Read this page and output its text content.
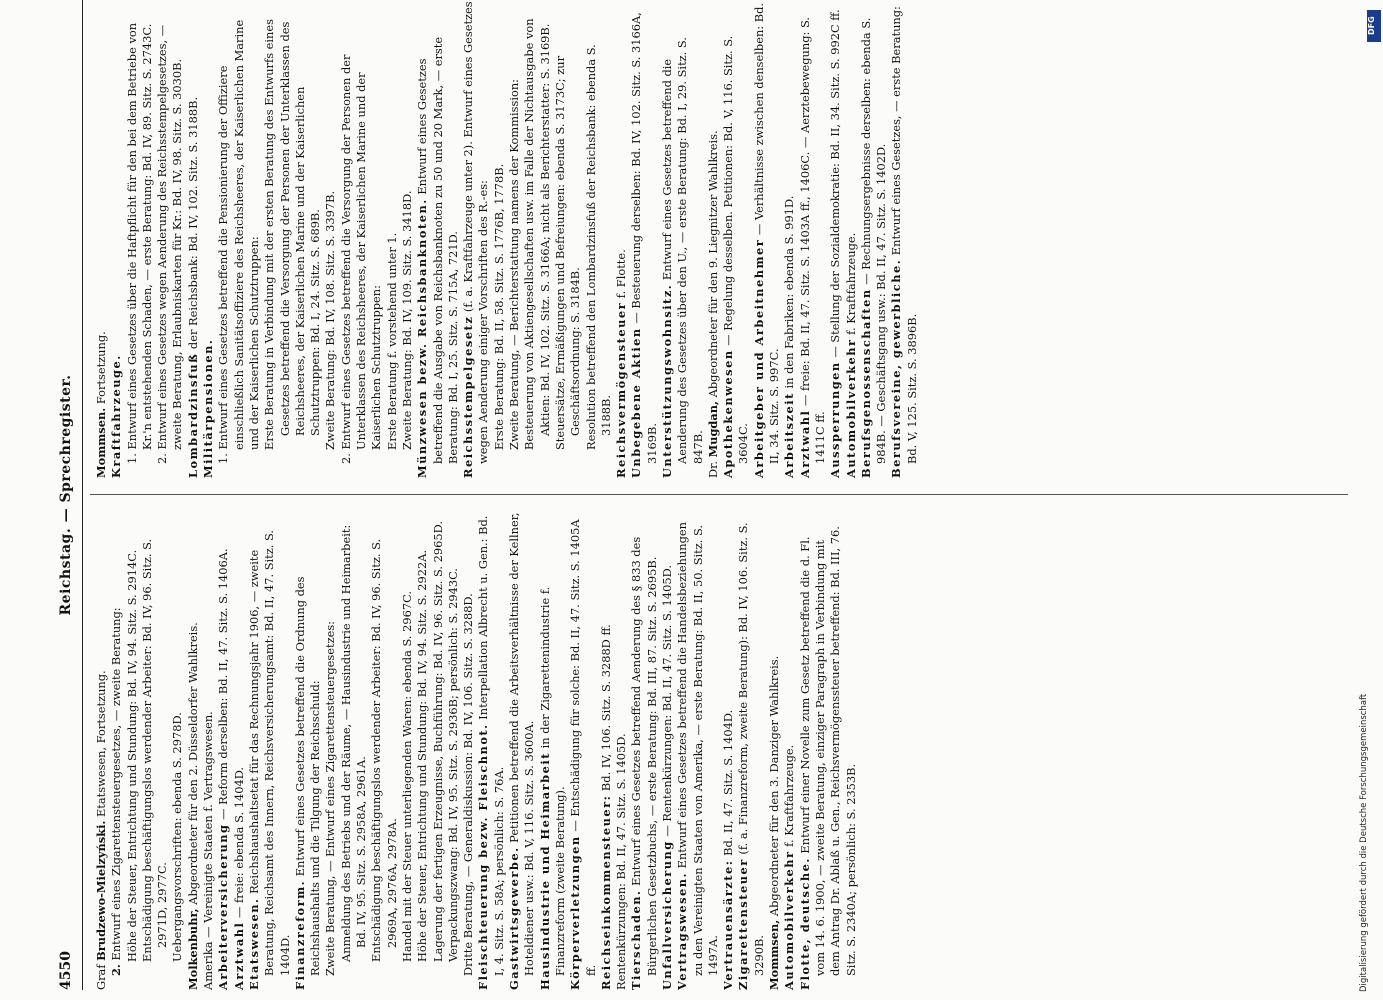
4550
Reichstag. — Sprechregister.

Graf Brudzewo-Mielzyński. Etatswesen, Fortsetzung.

2. Entwurf eines Zigarettensteuergesetzes, — zweite Beratung: Höhe der Steuer, Entrichtung und Stundung: Bd. IV, 94. Sitz. S. 2914C. Entschädigung beschäftigungslos werdender Arbeiter: Bd. IV, 96. Sitz. S. 2971D, 2977C. Uebergangsvorschriften: ebenda S. 2978D. Molkenbuhr, Abgeordneter für den 2. Düsseldorfer Wahlkreis. Amerika — Vereinigte Staaten f. Vertragswesen. Arbeiterversicherung — Reform derselben: Bd. II, 47. Sitz. S. 1406A.

Arztwahl — freie: ebenda S. 1404D.

Etatswesen. Reichshaushaltsetat für das Rechnungsjahr 1906, — zweite Beratung, Reichsamt des Innern, Reichsversicherungsamt: Bd. II, 47. Sitz. S. 1404D. Finanzreform. Entwurf eines Gesetzes betreffend die Ordnung des Reichshaushalts und die Tilgung der Reichsschuld: Zweite Beratung, — Entwurf eines Zigarettensteuergesetzes: Anmeldung des Betriebs und der Räume, — Hausindustrie und Heimarbeit: Bd. IV, 95. Sitz. S. 2958A, 2961A. Entschädigung beschäftigungslos werdender Arbeiter: Bd. IV, 96. Sitz. S. 2969A, 2976A, 2978A. Handel mit der Steuer unterliegenden Waren: ebenda S. 2967C. Höhe der Steuer, Entrichtung und Stundung: Bd. IV, 94. Sitz. S. 2922A. Lagerung der fertigen Erzeugnisse, Buchführung: Bd. IV, 96. Sitz. S. 2965D. Verpackungszwang: Bd. IV, 95. Sitz. S. 2936B; persönlich: S. 2943C. Dritte Beratung, — Generaldiskussion: Bd. IV, 106. Sitz. S. 3288D. Fleischteuerung bezw. Fleischnot. Interpellation Albrecht u. Gen.: Bd. I, 4. Sitz. S. 58A; persönlich: S. 76A. Gastwirtsgewerbe. Petitionen betreffend die Arbeitsverhältnisse der Kellner, Hoteldiener usw.: Bd. V, 116. Sitz. S. 3600A. Hausindustrie und Heimarbeit in der Zigarettenindustrie f. Finanzreform (zweite Beratung). Körperverletzungen — Entschädigung für solche: Bd. II, 47. Sitz. S. 1405A ff. Reichseinkommensteuer: Bd. IV, 106. Sitz. S. 3288D ff.

Rentenkürzungen: Bd. II, 47. Sitz. S. 1405D. Tierschaden. Entwurf eines Gesetzes betreffend Aenderung des § 833 des Bürgerlichen Gesetzbuchs, — erste Beratung: Bd. III, 87. Sitz. S. 2695B. Unfallversicherung — Rentenkürzungen: Bd. II, 47. Sitz. S. 1405D.

Vertragswesen. Entwurf eines Gesetzes betreffend die Handelsbeziehungen zu den Vereinigten Staaten von Amerika, — erste Beratung: Bd. II, 50. Sitz. S. 1497A. Vertrauensärzte: Bd. II, 47. Sitz. S. 1404D.

Zigarettensteuer (f. a. Finanzreform, zweite Beratung): Bd. IV, 106. Sitz. S. 3290B. Mommsen, Abgeordneter für den 3. Danziger Wahlkreis.

Automobilverkehr f. Kraftfahrzeuge.

Flotte, deutsche. Entwurf einer Novelle zum Gesetz betreffend die d. Fl. vom 14. 6. 1900, — zweite Beratung, einziger Paragraph in Verbindung mit dem Antrag Dr. Ablaß u. Gen., Reichsvermögenssteuer betreffend: Bd. III, 76. Sitz. S. 2340A; persönlich: S. 2353B.

Mommsen. Fortsetzung. Kraftfahrzeuge. 1. Entwurf eines Gesetzes über die Haftpflicht für den bei dem Betriebe von Kr.'n entstehenden Schaden, — erste Beratung: Bd. IV, 89. Sitz. S. 2743C. 2. Entwurf eines Gesetzes wegen Aenderung des Reichsstempelgesetzes, — zweite Beratung, Erlaubniskarten für Kr.: Bd. IV, 98. Sitz. S. 3030B. Lombardzinsfuß der Reichsbank: Bd. IV, 102. Sitz. S. 3188B.

Militärpensionen. 1. Entwurf eines Gesetzes betreffend die Pensionierung der Offiziere einschließlich Sanitätsoffiziere des Reichsheeres, der Kaiserlichen Marine und der Kaiserlichen Schutztruppen: Erste Beratung in Verbindung mit der ersten Beratung des Entwurfs eines Gesetzes betreffend die Versorgung der Personen der Unterklassen des Reichsheeres, der Kaiserlichen Marine und der Kaiserlichen Schutztruppen: Bd. I, 24. Sitz. S. 689B. Zweite Beratung: Bd. IV, 108. Sitz. S. 3397B. 2. Entwurf eines Gesetzes betreffend die Versorgung der Personen der Unterklassen des Reichsheeres, der Kaiserlichen Marine und der Kaiserlichen Schutztruppen: Erste Beratung f. vorstehend unter 1. Zweite Beratung: Bd. IV, 109. Sitz. S. 3418D. Münzwesen bezw. Reichsbanknoten. Entwurf eines Gesetzes betreffend die Ausgabe von Reichsbanknoten zu 50 und 20 Mark, — erste Beratung: Bd. I, 25. Sitz. S. 715A, 721D. Reichsstempelgesetz (f. a. Kraftfahrzeuge unter 2). Entwurf eines Gesetzes wegen Aenderung einiger Vorschriften des R.-es: Erste Beratung: Bd. II, 58. Sitz. S. 1776B, 1778B. Zweite Beratung, — Berichterstattung namens der Kommission: Besteuerung von Aktiengesellschaften usw. im Falle der Nichtausgabe von Aktien: Bd. IV, 102. Sitz. S. 3166A; nicht als Berichterstatter: S. 3169B. Steuersätze, Ermäßigungen und Befreiungen: ebenda S. 3173C; zur Geschäftsordnung: S. 3184B. Resolution betreffend den Lombardzinsfuß der Reichsbank: ebenda S. 3188B. Reichsvermögensteuer f. Flotte.

Unbegebene Aktien — Besteuerung derselben: Bd. IV, 102. Sitz. S. 3166A, 3169B. Unterstützungswohnsitz. Entwurf eines Gesetzes betreffend die Aenderung des Gesetzes über den U., — erste Beratung: Bd. I, 29. Sitz. S. 847B.

Dr. Mugdan, Abgeordneter für den 9. Liegnitzer Wahlkreis.

Apothekenwesen — Regelung desselben. Petitionen: Bd. V, 116. Sitz. S. 3604C. Arbeitgeber und Arbeitnehmer — Verhältnisse zwischen denselben: Bd. II, 34. Sitz. S. 997C. Arbeitszeit in den Fabriken: ebenda S. 991D.

Arztwahl — freie: Bd. II, 47. Sitz. S. 1403A ff., 1406C. — Aerztebewegung: S. 1411C ff. Aussperrungen — Stellung der Sozialdemokratie: Bd. II, 34. Sitz. S. 992C ff.

Automobilverkehr f. Kraftfahrzeuge.

Berufsgenossenschaften — Rechnungsergebnisse derselben: ebenda S. 984B. — Geschäftsgang usw.: Bd. II, 47. Sitz. S. 1402D. Berufsvereine, gewerbliche. Entwurf eines Gesetzes, — erste Beratung: Bd. V, 125. Sitz. S. 3896B.

Digitalisierung gefördert durch die Deutsche Forschungsgemeinschaft
DFG
